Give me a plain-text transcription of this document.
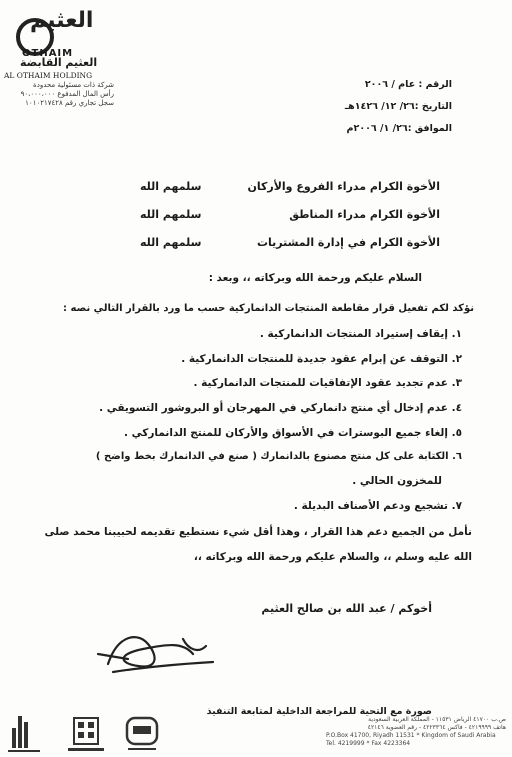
العثيم
OTHAIM
العثيم القابضة
AL OTHAIM HOLDING
شركة ذات مسئولية محدودة
رأس المال المدفوع ٩٠،٠٠٠،٠٠٠
سجل تجاري رقم ١٠١٠٢١٧٤٢٨
الرقم : عام / ٢٠٠٦
التاريخ :٢٦/ ١٢/ ١٤٢٦هـ
الموافق :٢٦/ ١/ ٢٠٠٦م
الأخوة الكرام مدراء الفروع والأركان
سلمهم الله
الأخوة الكرام مدراء المناطق
سلمهم الله
الأخوة الكرام في إدارة المشتريات
سلمهم الله
السلام عليكم ورحمة الله وبركاته ،، وبعد :
نؤكد لكم تفعيل قرار مقاطعة المنتجات الدانماركية حسب ما ورد بالقرار التالي نصه :
١. إيقاف إستيراد المنتجات الدانماركية .
٢. التوقف عن إبرام عقود جديدة للمنتجات الدانماركية .
٣. عدم تجديد عقود الإتفاقيات للمنتجات الدانماركية .
٤. عدم إدخال أي منتج دانماركي في المهرجان أو البروشور التسويقي .
٥. إلغاء جميع البوسترات في الأسواق والأركان للمنتج الدانماركي .
٦. الكتابة على كل منتج مصنوع بالدانمارك ( صنع في الدانمارك بخط واضح )
للمخزون الحالي .
٧. تشجيع ودعم الأصناف البديلة .
نأمل من الجميع دعم هذا القرار ، وهذا أقل شيء نستطيع تقديمه لحبيبنا محمد صلى
الله عليه وسلم ،، والسلام عليكم ورحمة الله وبركاته ،،
أخوكم / عبد الله بن صالح العثيم
صورة مع التحية للمراجعة الداخلية لمتابعة التنفيذ
ص.ب ٤١٧٠٠ الرياض ١١٥٣١ - المملكة العربية السعودية
هاتف ٤٢١٩٩٩٩ - فاكس ٤٢٢٣٣٦٤ - رقم العضوية ٤٢١٤٦
P.O.Box 41700, Riyadh 11531 * Kingdom of Saudi Arabia
Tel. 4219999 * Fax 4223364
